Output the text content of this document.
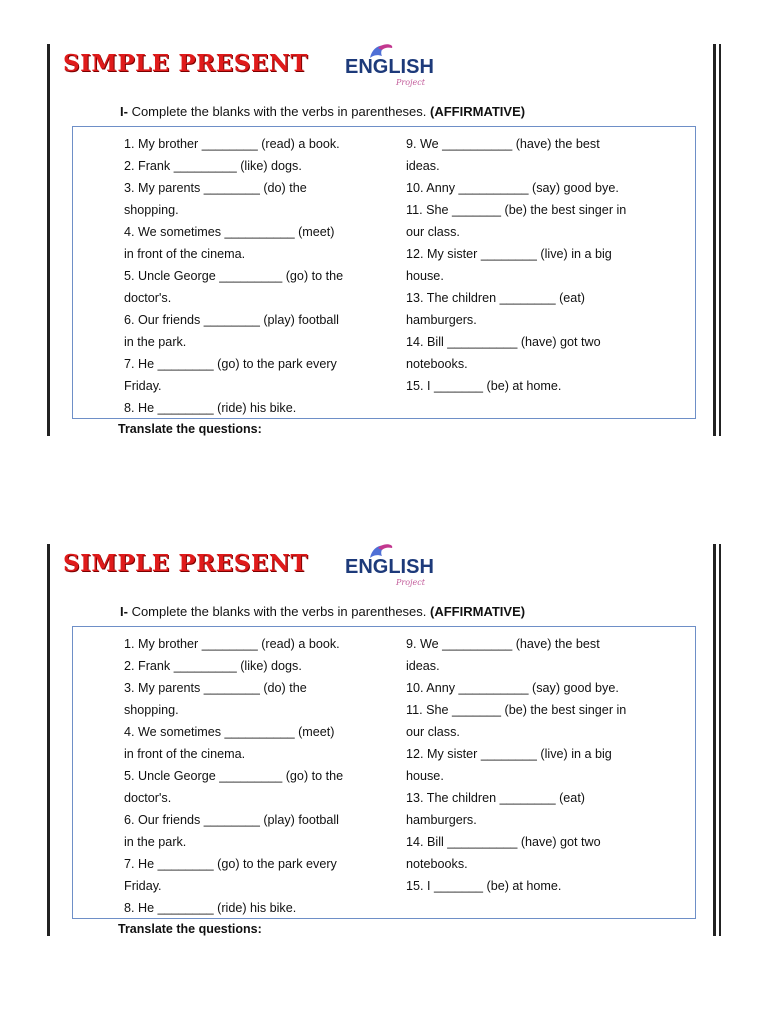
SIMPLE PRESENT ENGLISH
Project
I- Complete the blanks with the verbs in parentheses. (AFFIRMATIVE)
1. My brother ________ (read) a book.
2. Frank _________ (like) dogs.
3. My parents ________ (do) the
shopping.
4. We sometimes __________ (meet)
in front of the cinema.
5. Uncle George _________ (go) to the
doctor's.
6. Our friends ________ (play) football
in the park.
7. He ________ (go) to the park every
Friday.
8. He ________ (ride) his bike.
9. We __________ (have) the best
ideas.
10. Anny __________ (say) good bye.
11. She _______ (be) the best singer in
our class.
12. My sister ________ (live) in a big
house.
13. The children ________ (eat)
hamburgers.
14. Bill __________ (have) got two
notebooks.
15. I _______ (be) at home.
Translate the questions:
SIMPLE PRESENT ENGLISH
Project
I- Complete the blanks with the verbs in parentheses. (AFFIRMATIVE)
1. My brother ________ (read) a book.
2. Frank _________ (like) dogs.
3. My parents ________ (do) the
shopping.
4. We sometimes __________ (meet)
in front of the cinema.
5. Uncle George _________ (go) to the
doctor's.
6. Our friends ________ (play) football
in the park.
7. He ________ (go) to the park every
Friday.
8. He ________ (ride) his bike.
9. We __________ (have) the best
ideas.
10. Anny __________ (say) good bye.
11. She _______ (be) the best singer in
our class.
12. My sister ________ (live) in a big
house.
13. The children ________ (eat)
hamburgers.
14. Bill __________ (have) got two
notebooks.
15. I _______ (be) at home.
Translate the questions:
